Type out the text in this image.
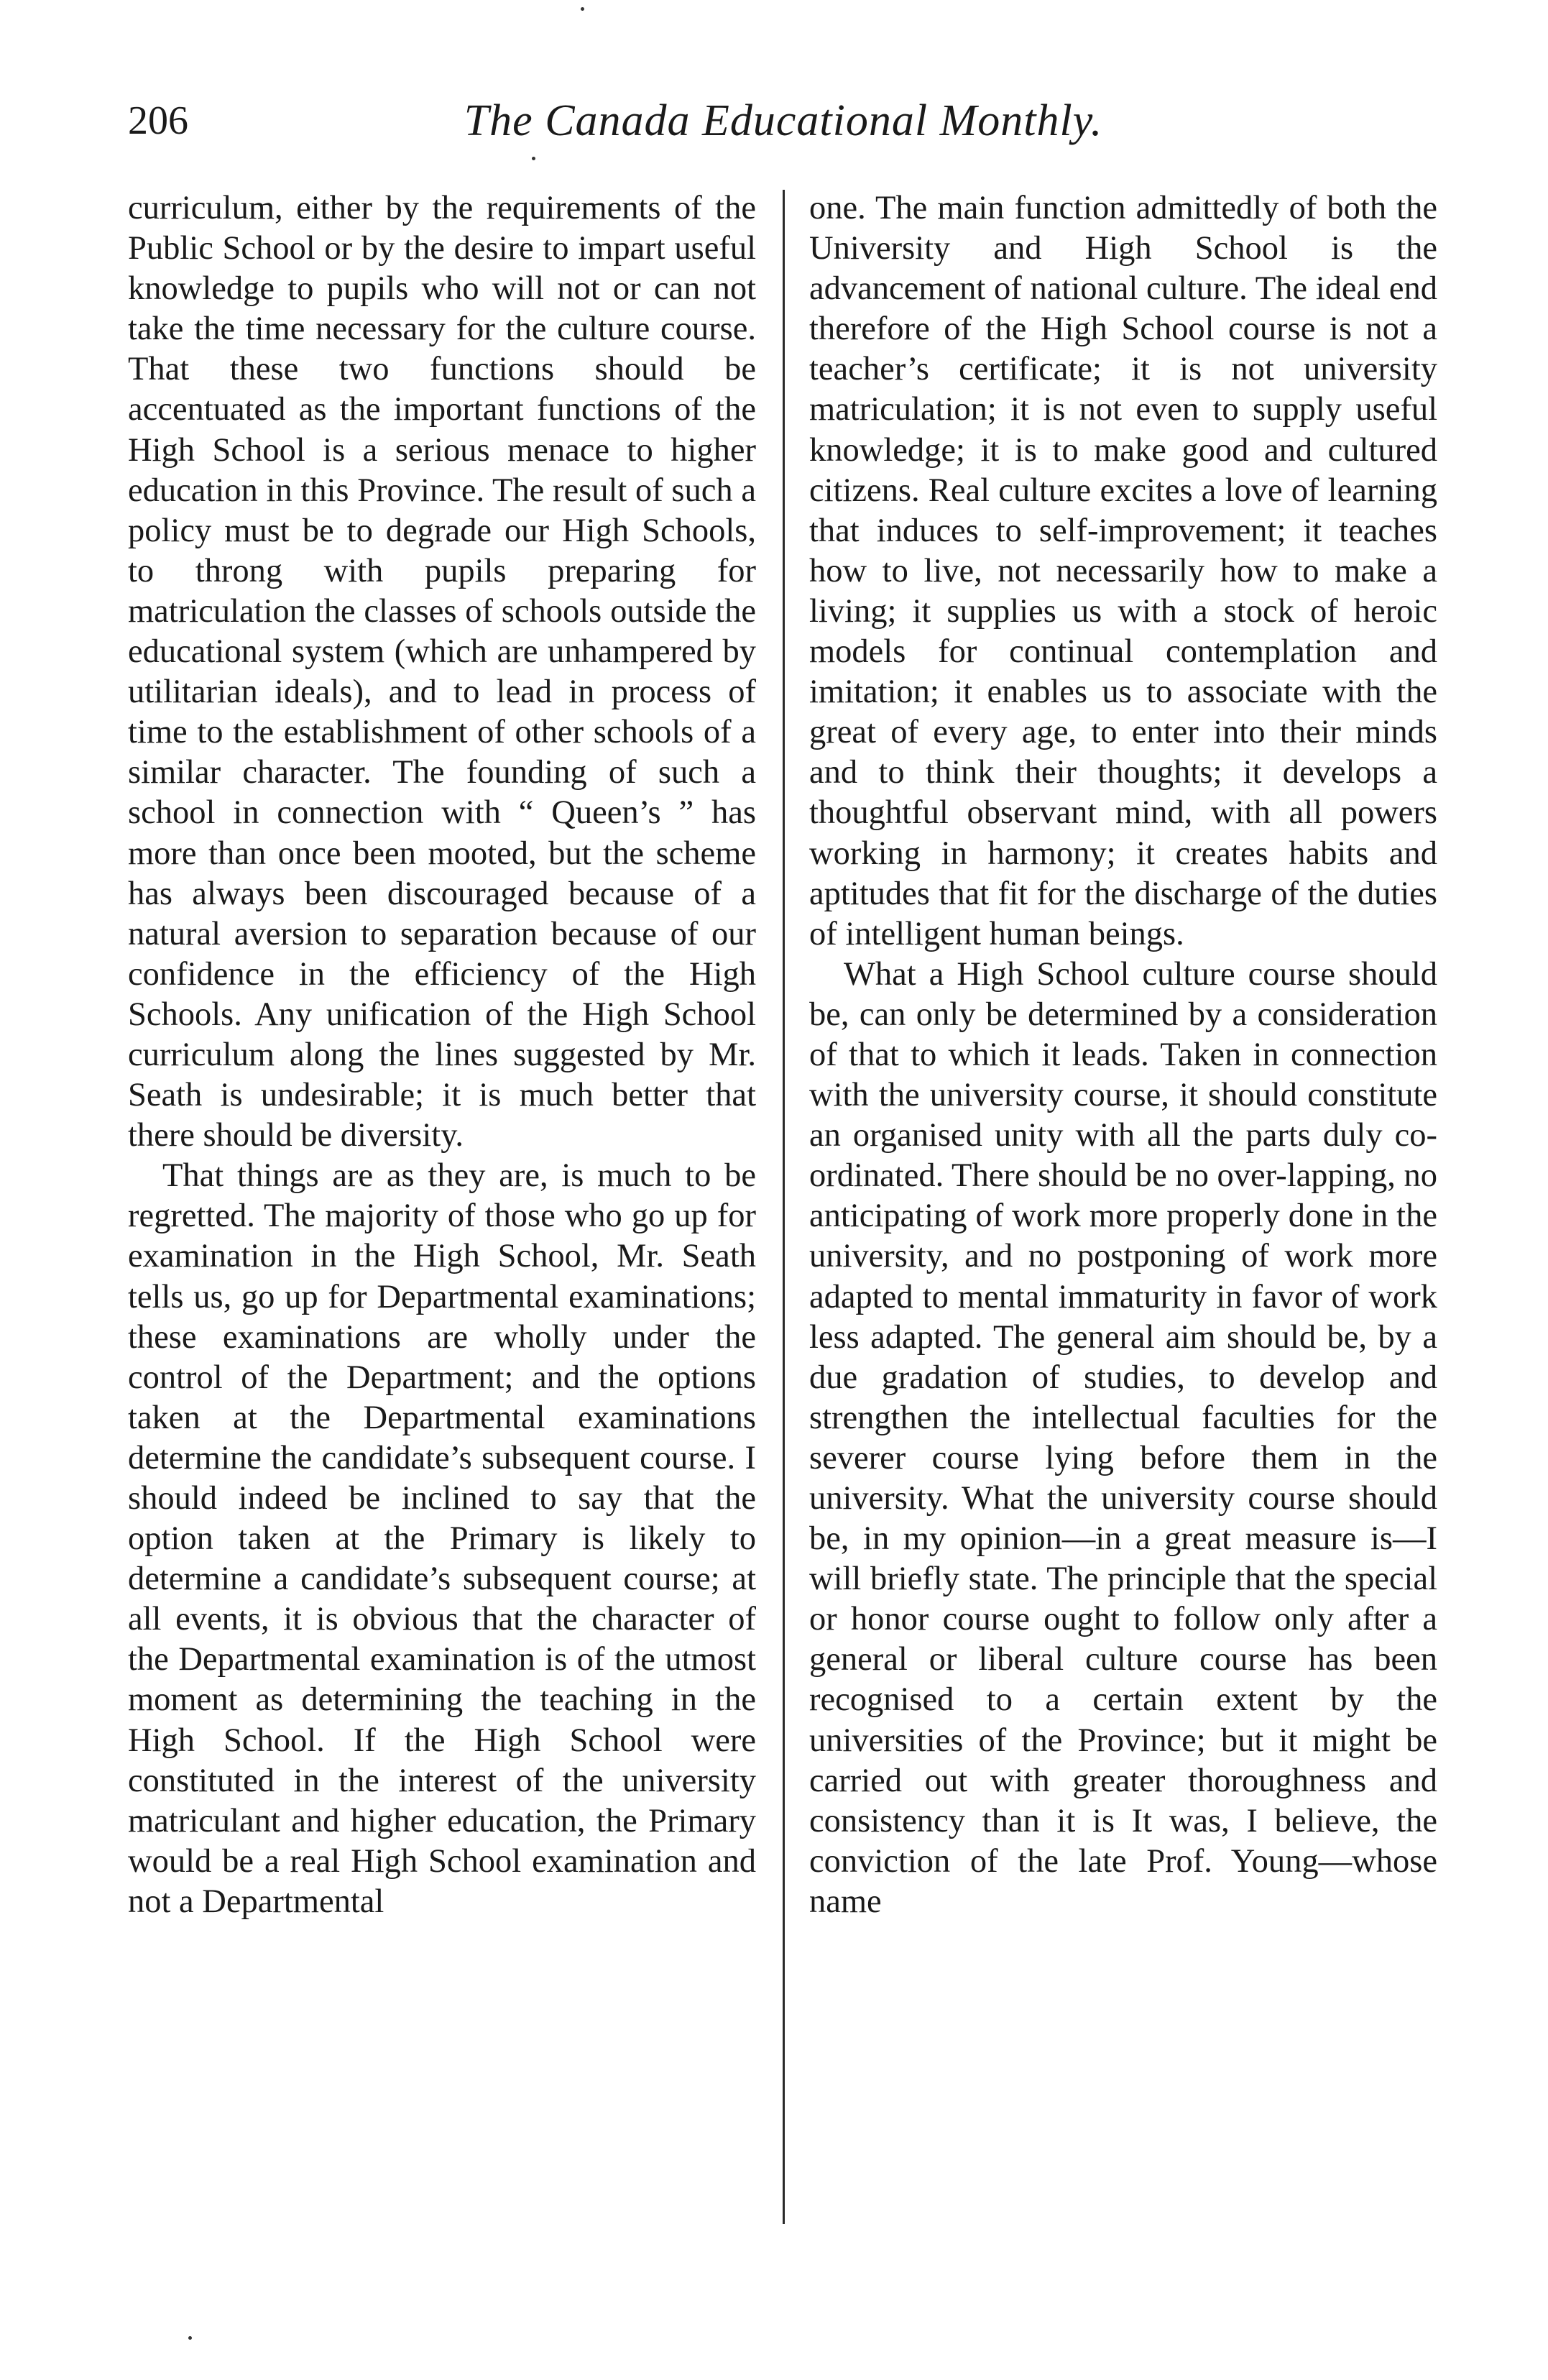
206	The Canada Educational Monthly.

curriculum, either by the requirements of the Public School or by the desire to impart useful knowledge to pupils who will not or can not take the time necessary for the culture course. That these two functions should be accentuated as the important functions of the High School is a serious menace to higher education in this Province. The result of such a policy must be to degrade our High Schools, to throng with pupils preparing for matriculation the classes of schools outside the educational system (which are unhampered by utilitarian ideals), and to lead in process of time to the establishment of other schools of a similar character. The founding of such a school in connection with “ Queen’s ” has more than once been mooted, but the scheme has always been discouraged because of a natural aversion to separation because of our confidence in the efficiency of the High Schools. Any unification of the High School curriculum along the lines suggested by Mr. Seath is undesirable; it is much better that there should be diversity.

That things are as they are, is much to be regretted. The majority of those who go up for examination in the High School, Mr. Seath tells us, go up for Departmental examinations; these examinations are wholly under the control of the Department; and the options taken at the Departmental examinations determine the candidate’s subsequent course. I should indeed be inclined to say that the option taken at the Primary is likely to determine a candidate’s subsequent course; at all events, it is obvious that the character of the Departmental examination is of the utmost moment as determining the teaching in the High School. If the High School were constituted in the interest of the university matriculant and higher education, the Primary would be a real High School examination and not a Departmental

one. The main function admittedly of both the University and High School is the advancement of national culture. The ideal end therefore of the High School course is not a teacher’s certificate; it is not university matriculation; it is not even to supply useful knowledge; it is to make good and cultured citizens. Real culture excites a love of learning that induces to self-improvement; it teaches how to live, not necessarily how to make a living; it supplies us with a stock of heroic models for continual contemplation and imitation; it enables us to associate with the great of every age, to enter into their minds and to think their thoughts; it develops a thoughtful observant mind, with all powers working in harmony; it creates habits and aptitudes that fit for the discharge of the duties of intelligent human beings.

What a High School culture course should be, can only be determined by a consideration of that to which it leads. Taken in connection with the university course, it should constitute an organised unity with all the parts duly co-ordinated. There should be no over-lapping, no anticipating of work more properly done in the university, and no postponing of work more adapted to mental immaturity in favor of work less adapted. The general aim should be, by a due gradation of studies, to develop and strengthen the intellectual faculties for the severer course lying before them in the university. What the university course should be, in my opinion—in a great measure is—I will briefly state. The principle that the special or honor course ought to follow only after a general or liberal culture course has been recognised to a certain extent by the universities of the Province; but it might be carried out with greater thoroughness and consistency than it is It was, I believe, the conviction of the late Prof. Young—whose name
